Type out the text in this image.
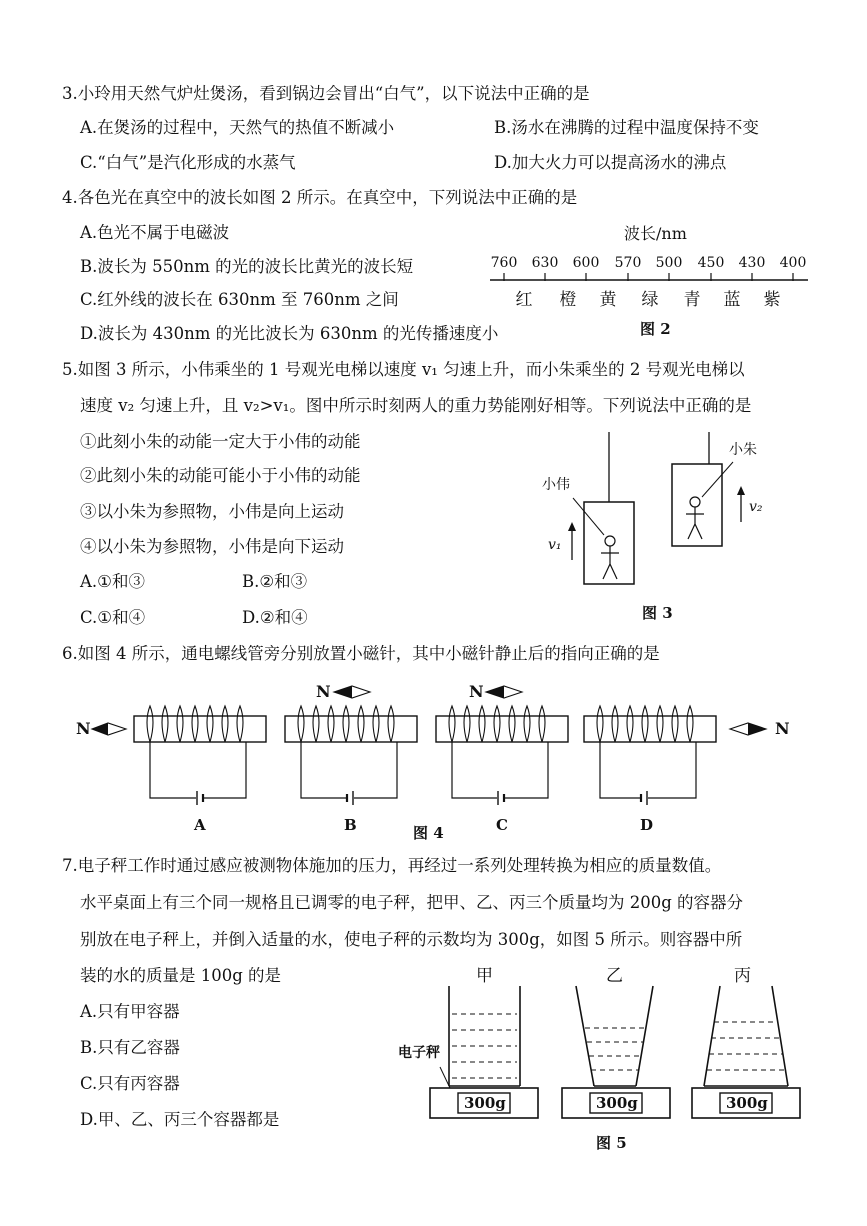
3.小玲用天然气炉灶煲汤，看到锅边会冒出“白气”，以下说法中正确的是
A.在煲汤的过程中，天然气的热值不断减小	B.汤水在沸腾的过程中温度保持不变
C.“白气”是汽化形成的水蒸气	D.加大火力可以提高汤水的沸点
4.各色光在真空中的波长如图 2 所示。在真空中，下列说法中正确的是
A.色光不属于电磁波
B.波长为 550nm 的光的波长比黄光的波长短
C.红外线的波长在 630nm 至 760nm 之间
D.波长为 430nm 的光比波长为 630nm 的光传播速度小
波长/nm
760 630 600 570 500 450 430 400
红 橙 黄 绿 青 蓝 紫
图 2
5.如图 3 所示，小伟乘坐的 1 号观光电梯以速度 v₁ 匀速上升，而小朱乘坐的 2 号观光电梯以
速度 v₂ 匀速上升，且 v₂>v₁。图中所示时刻两人的重力势能刚好相等。下列说法中正确的是
①此刻小朱的动能一定大于小伟的动能
②此刻小朱的动能可能小于小伟的动能
③以小朱为参照物，小伟是向上运动
④以小朱为参照物，小伟是向下运动
A.①和③	B.②和③
C.①和④	D.②和④
小伟
小朱
v₁
v₂
图 3
6.如图 4 所示，通电螺线管旁分别放置小磁针，其中小磁针静止后的指向正确的是
N
N	N
N
A	B	C	D
图 4
7.电子秤工作时通过感应被测物体施加的压力，再经过一系列处理转换为相应的质量数值。
水平桌面上有三个同一规格且已调零的电子秤，把甲、乙、丙三个质量均为 200g 的容器分
别放在电子秤上，并倒入适量的水，使电子秤的示数均为 300g，如图 5 所示。则容器中所
装的水的质量是 100g 的是
A.只有甲容器
B.只有乙容器
C.只有丙容器
D.甲、乙、丙三个容器都是
甲	乙	丙
电子秤
300g	300g	300g
图 5
